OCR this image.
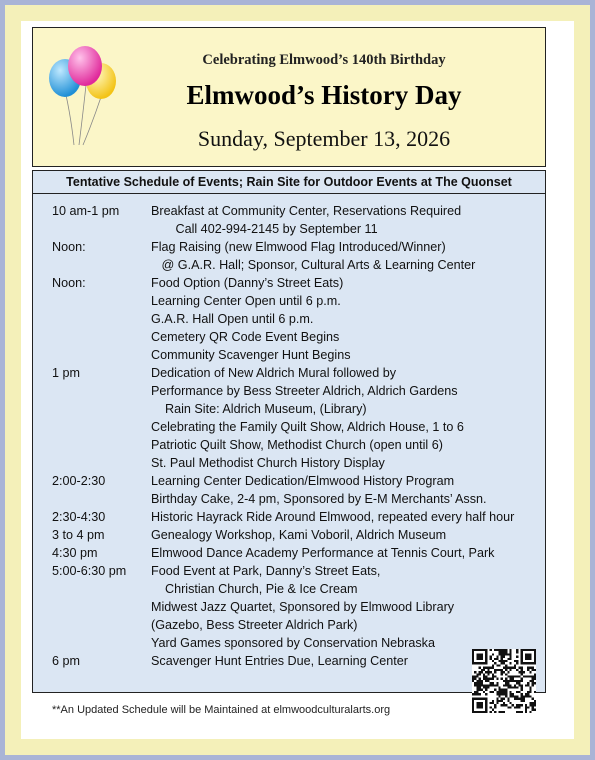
Celebrating Elmwood’s 140th Birthday
Elmwood’s History Day
Sunday, September 13, 2026
Tentative Schedule of Events; Rain Site for Outdoor Events at The Quonset
10 am-1 pm	Breakfast at Community Center, Reservations Required
Call 402-994-2145 by September 11
Noon:	Flag Raising (new Elmwood Flag Introduced/Winner)
@ G.A.R. Hall; Sponsor, Cultural Arts & Learning Center
Noon:	Food Option (Danny’s Street Eats)
Learning Center Open until 6 p.m.
G.A.R. Hall Open until 6 p.m.
Cemetery QR Code Event Begins
Community Scavenger Hunt Begins
1 pm	Dedication of New Aldrich Mural followed by
Performance by Bess Streeter Aldrich, Aldrich Gardens
Rain Site: Aldrich Museum, (Library)
Celebrating the Family Quilt Show, Aldrich House, 1 to 6
Patriotic Quilt Show, Methodist Church (open until 6)
St. Paul Methodist Church History Display
2:00-2:30	Learning Center Dedication/Elmwood History Program
Birthday Cake, 2-4 pm, Sponsored by E-M Merchants’ Assn.
2:30-4:30	Historic Hayrack Ride Around Elmwood, repeated every half hour
3 to 4 pm	Genealogy Workshop, Kami Voboril, Aldrich Museum
4:30 pm	Elmwood Dance Academy Performance at Tennis Court, Park
5:00-6:30 pm Food Event at Park, Danny’s Street Eats,
Christian Church, Pie & Ice Cream
Midwest Jazz Quartet, Sponsored by Elmwood Library
(Gazebo, Bess Streeter Aldrich Park)
Yard Games sponsored by Conservation Nebraska
6 pm	Scavenger Hunt Entries Due, Learning Center
**An Updated Schedule will be Maintained at elmwoodculturalarts.org
